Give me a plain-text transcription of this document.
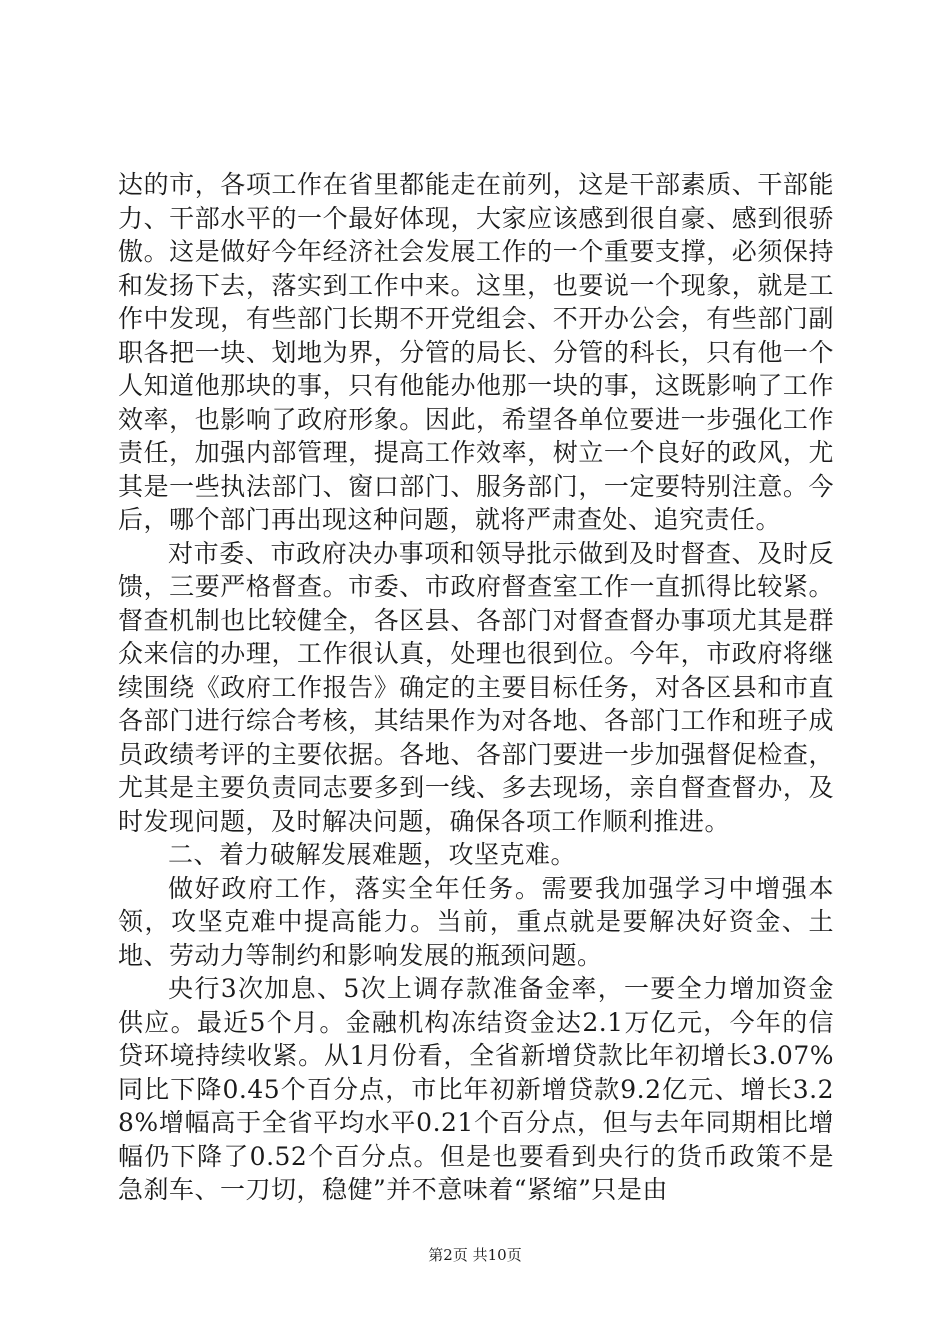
达的市，各项工作在省里都能走在前列，这是干部素质、干部能力、干部水平的一个最好体现，大家应该感到很自豪、感到很骄傲。这是做好今年经济社会发展工作的一个重要支撑，必须保持和发扬下去，落实到工作中来。这里，也要说一个现象，就是工作中发现，有些部门长期不开党组会、不开办公会，有些部门副职各把一块、划地为界，分管的局长、分管的科长，只有他一个人知道他那块的事，只有他能办他那一块的事，这既影响了工作效率，也影响了政府形象。因此，希望各单位要进一步强化工作责任，加强内部管理，提高工作效率，树立一个良好的政风，尤其是一些执法部门、窗口部门、服务部门，一定要特别注意。今后，哪个部门再出现这种问题，就将严肃查处、追究责任。

对市委、市政府决办事项和领导批示做到及时督查、及时反馈，三要严格督查。市委、市政府督查室工作一直抓得比较紧。督查机制也比较健全，各区县、各部门对督查督办事项尤其是群众来信的办理，工作很认真，处理也很到位。今年，市政府将继续围绕《政府工作报告》确定的主要目标任务，对各区县和市直各部门进行综合考核，其结果作为对各地、各部门工作和班子成员政绩考评的主要依据。各地、各部门要进一步加强督促检查，尤其是主要负责同志要多到一线、多去现场，亲自督查督办，及时发现问题，及时解决问题，确保各项工作顺利推进。

二、着力破解发展难题，攻坚克难。

做好政府工作，落实全年任务。需要我加强学习中增强本领，攻坚克难中提高能力。当前，重点就是要解决好资金、土地、劳动力等制约和影响发展的瓶颈问题。

央行3次加息、5次上调存款准备金率，一要全力增加资金供应。最近5个月。金融机构冻结资金达2.1万亿元，今年的信贷环境持续收紧。从1月份看，全省新增贷款比年初增长3.07%同比下降0.45个百分点，市比年初新增贷款9.2亿元、增长3.28%增幅高于全省平均水平0.21个百分点，但与去年同期相比增幅仍下降了0.52个百分点。但是也要看到央行的货币政策不是急刹车、一刀切，稳健”并不意味着“紧缩”只是由

第2页 共10页
